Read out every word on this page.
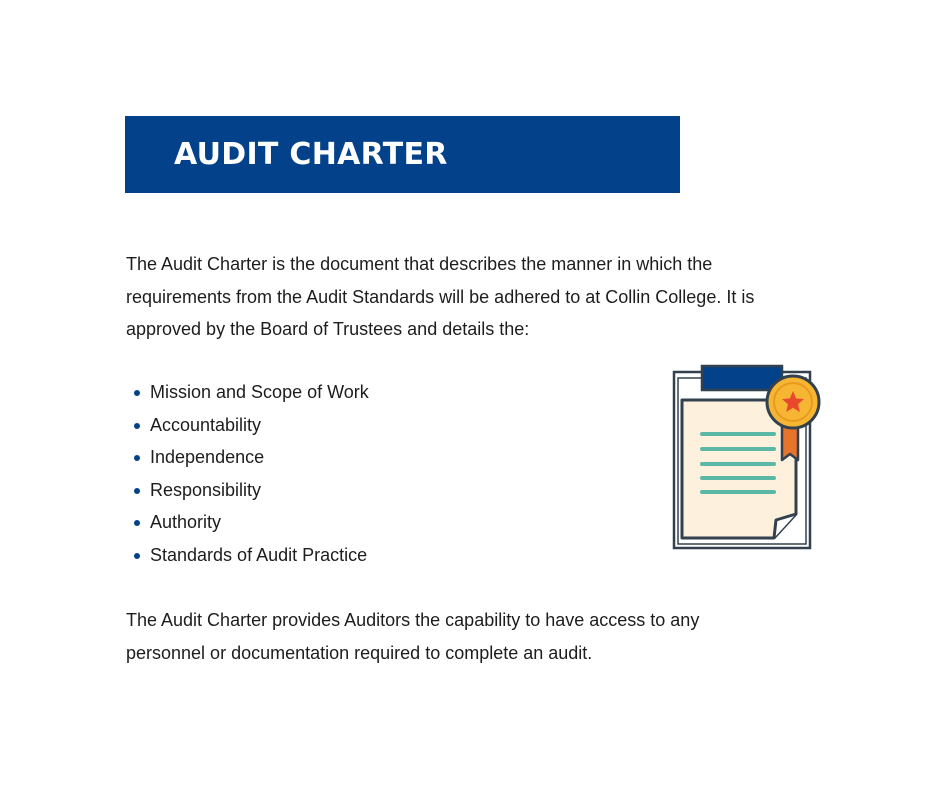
AUDIT CHARTER

The Audit Charter is the document that describes the manner in which the
requirements from the Audit Standards will be adhered to at Collin College. It is
approved by the Board of Trustees and details the:

Mission and Scope of Work
Accountability
Independence
Responsibility
Authority
Standards of Audit Practice

The Audit Charter provides Auditors the capability to have access to any
personnel or documentation required to complete an audit.
